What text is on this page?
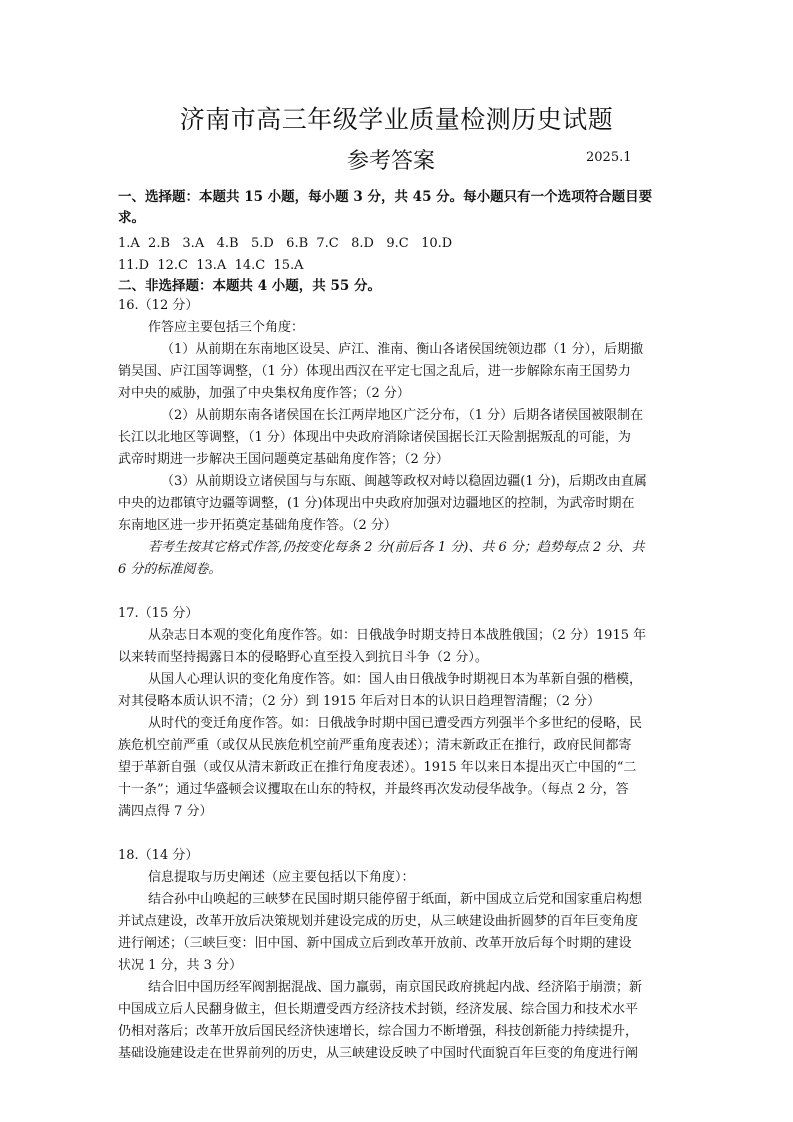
济南市高三年级学业质量检测历史试题
参考答案	2025.1
一、选择题：本题共 15 小题，每小题 3 分，共 45 分。每小题只有一个选项符合题目要
求。
1.A  2.B   3.A   4.B   5.D   6.B  7.C   8.D   9.C   10.D
11.D  12.C  13.A  14.C  15.A
二、非选择题：本题共 4 小题，共 55 分。
16.（12 分）
作答应主要包括三个角度：
（1）从前期在东南地区设吴、庐江、淮南、衡山各诸侯国统领边郡（1 分），后期撤
销吴国、庐江国等调整，（1 分）体现出西汉在平定七国之乱后，进一步解除东南王国势力
对中央的威胁，加强了中央集权角度作答；（2 分）
（2）从前期东南各诸侯国在长江两岸地区广泛分布，（1 分）后期各诸侯国被限制在
长江以北地区等调整，（1 分）体现出中央政府消除诸侯国据长江天险割据叛乱的可能，为
武帝时期进一步解决王国问题奠定基础角度作答；（2 分）
（3）从前期设立诸侯国与与东瓯、闽越等政权对峙以稳固边疆(1 分)，后期改由直属
中央的边郡镇守边疆等调整，(1 分)体现出中央政府加强对边疆地区的控制，为武帝时期在
东南地区进一步开拓奠定基础角度作答。（2 分）
若考生按其它格式作答,仍按变化每条 2 分(前后各 1 分)、共 6 分；趋势每点 2 分、共
6 分的标准阅卷。
17.（15 分）
从杂志日本观的变化角度作答。如：日俄战争时期支持日本战胜俄国；（2 分）1915 年
以来转而坚持揭露日本的侵略野心直至投入到抗日斗争（2 分）。
从国人心理认识的变化角度作答。如：国人由日俄战争时期视日本为革新自强的楷模，
对其侵略本质认识不清；（2 分）到 1915 年后对日本的认识日趋理智清醒；（2 分）
从时代的变迁角度作答。如：日俄战争时期中国已遭受西方列强半个多世纪的侵略，民
族危机空前严重（或仅从民族危机空前严重角度表述）；清末新政正在推行，政府民间都寄
望于革新自强（或仅从清末新政正在推行角度表述）。1915 年以来日本提出灭亡中国的“二
十一条”；通过华盛顿会议攫取在山东的特权，并最终再次发动侵华战争。（每点 2 分，答
满四点得 7 分）
18.（14 分）
信息提取与历史阐述（应主要包括以下角度）：
结合孙中山唤起的三峡梦在民国时期只能停留于纸面，新中国成立后党和国家重启构想
并试点建设，改革开放后决策规划并建设完成的历史，从三峡建设曲折圆梦的百年巨变角度
进行阐述；（三峡巨变：旧中国、新中国成立后到改革开放前、改革开放后每个时期的建设
状况 1 分，共 3 分）
结合旧中国历经军阀割据混战、国力羸弱，南京国民政府挑起内战、经济陷于崩溃；新
中国成立后人民翻身做主，但长期遭受西方经济技术封锁，经济发展、综合国力和技术水平
仍相对落后；改革开放后国民经济快速增长，综合国力不断增强，科技创新能力持续提升，
基础设施建设走在世界前列的历史，从三峡建设反映了中国时代面貌百年巨变的角度进行阐
